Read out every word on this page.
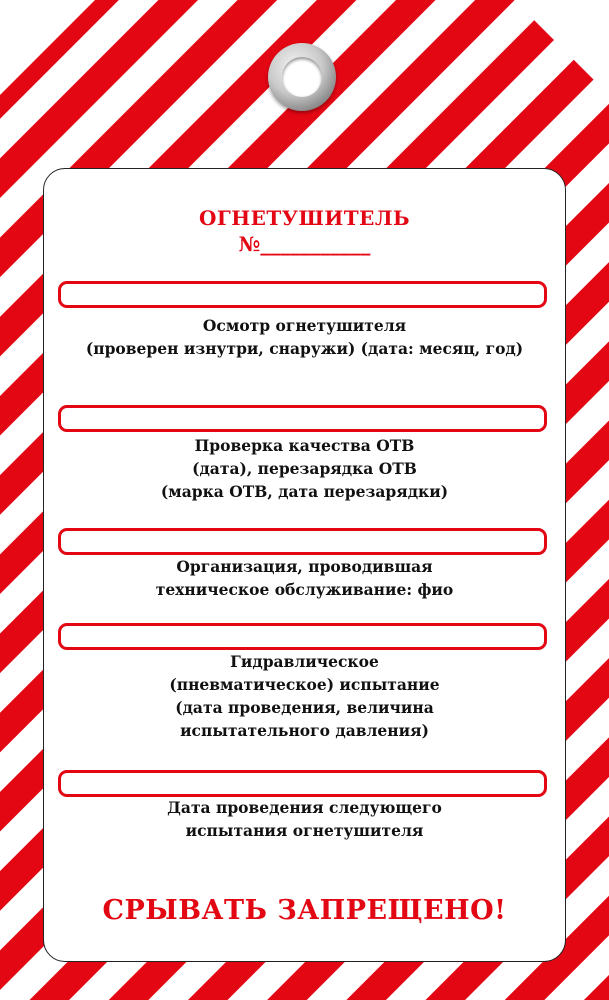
ОГНЕТУШИТЕЛЬ
№___________
Осмотр огнетушителя
(проверен изнутри, снаружи) (дата: месяц, год)
Проверка качества ОТВ
(дата), перезарядка ОТВ
(марка ОТВ, дата перезарядки)
Организация, проводившая
техническое обслуживание: фио
Гидравлическое
(пневматическое) испытание
(дата проведения, величина
испытательного давления)
Дата проведения следующего
испытания огнетушителя
СРЫВАТЬ ЗАПРЕЩЕНО!
